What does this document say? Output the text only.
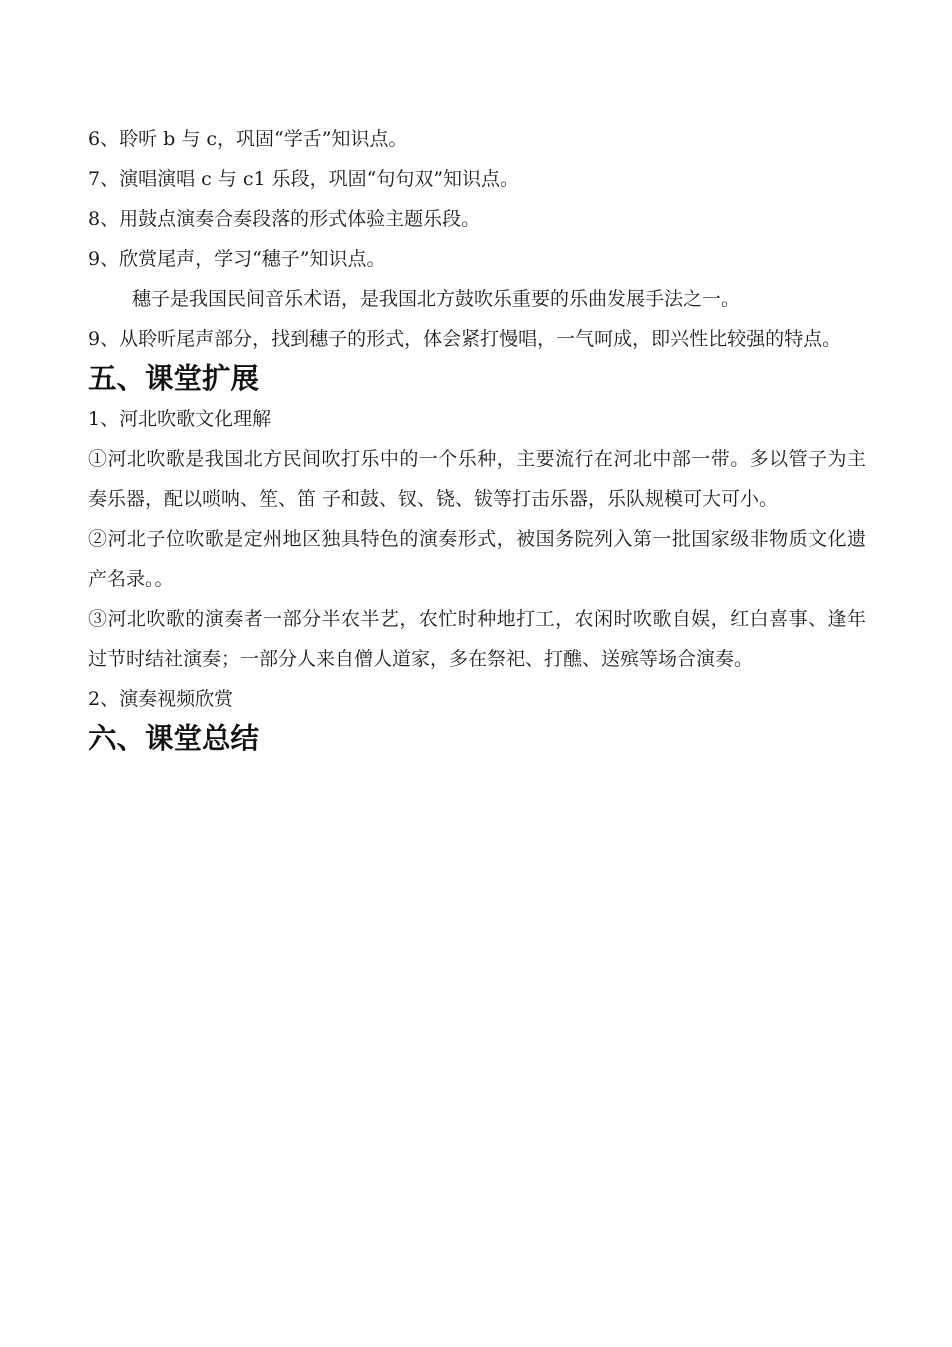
6、聆听 b 与 c，巩固“学舌”知识点。

7、演唱演唱 c 与 c1 乐段，巩固“句句双”知识点。

8、用鼓点演奏合奏段落的形式体验主题乐段。

9、欣赏尾声，学习“穗子”知识点。

穗子是我国民间音乐术语，是我国北方鼓吹乐重要的乐曲发展手法之一。

9、从聆听尾声部分，找到穗子的形式，体会紧打慢唱，一气呵成，即兴性比较强的特点。

五、课堂扩展

1、河北吹歌文化理解

①河北吹歌是我国北方民间吹打乐中的一个乐种，主要流行在河北中部一带。多以管子为主奏乐器，配以唢呐、笙、笛 子和鼓、钗、铙、钹等打击乐器，乐队规模可大可小。

②河北子位吹歌是定州地区独具特色的演奏形式，被国务院列入第一批国家级非物质文化遗产名录。。

③河北吹歌的演奏者一部分半农半艺，农忙时种地打工，农闲时吹歌自娱，红白喜事、逢年过节时结社演奏；一部分人来自僧人道家，多在祭祀、打醮、送殡等场合演奏。

2、演奏视频欣赏

六、课堂总结
